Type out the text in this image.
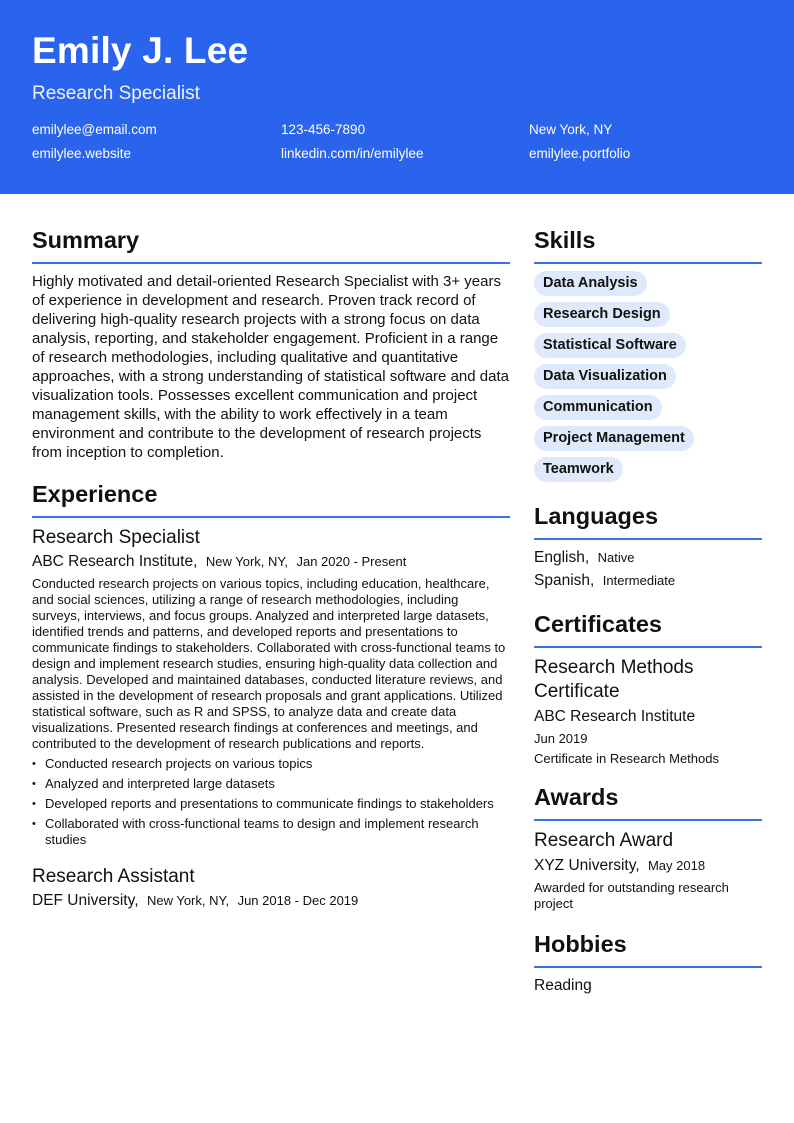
Emily J. Lee
Research Specialist
emilylee@email.com	123-456-7890	New York, NY
emilylee.website	linkedin.com/in/emilylee	emilylee.portfolio
Summary

Highly motivated and detail-oriented Research Specialist with 3+ years of experience in development and research. Proven track record of delivering high-quality research projects with a strong focus on data analysis, reporting, and stakeholder engagement. Proficient in a range of research methodologies, including qualitative and quantitative approaches, with a strong understanding of statistical software and data visualization tools. Possesses excellent communication and project management skills, with the ability to work effectively in a team environment and contribute to the development of research projects from inception to completion.

Experience
Research Specialist
ABC Research Institute, New York, NY, Jan 2020 - Present

Conducted research projects on various topics, including education, healthcare, and social sciences, utilizing a range of research methodologies, including surveys, interviews, and focus groups. Analyzed and interpreted large datasets, identified trends and patterns, and developed reports and presentations to communicate findings to stakeholders. Collaborated with cross-functional teams to design and implement research studies, ensuring high-quality data collection and analysis. Developed and maintained databases, conducted literature reviews, and assisted in the development of research proposals and grant applications. Utilized statistical software, such as R and SPSS, to analyze data and create data visualizations. Presented research findings at conferences and meetings, and contributed to the development of research publications and reports.

• Conducted research projects on various topics
• Analyzed and interpreted large datasets
• Developed reports and presentations to communicate findings to stakeholders
• Collaborated with cross-functional teams to design and implement research studies
Research Assistant
DEF University, New York, NY, Jun 2018 - Dec 2019
Skills
Data Analysis
Research Design
Statistical Software
Data Visualization
Communication
Project Management
Teamwork
Languages
English, Native
Spanish, Intermediate
Certificates
Research Methods Certificate
ABC Research Institute
Jun 2019
Certificate in Research Methods
Awards
Research Award
XYZ University, May 2018
Awarded for outstanding research project
Hobbies
Reading
